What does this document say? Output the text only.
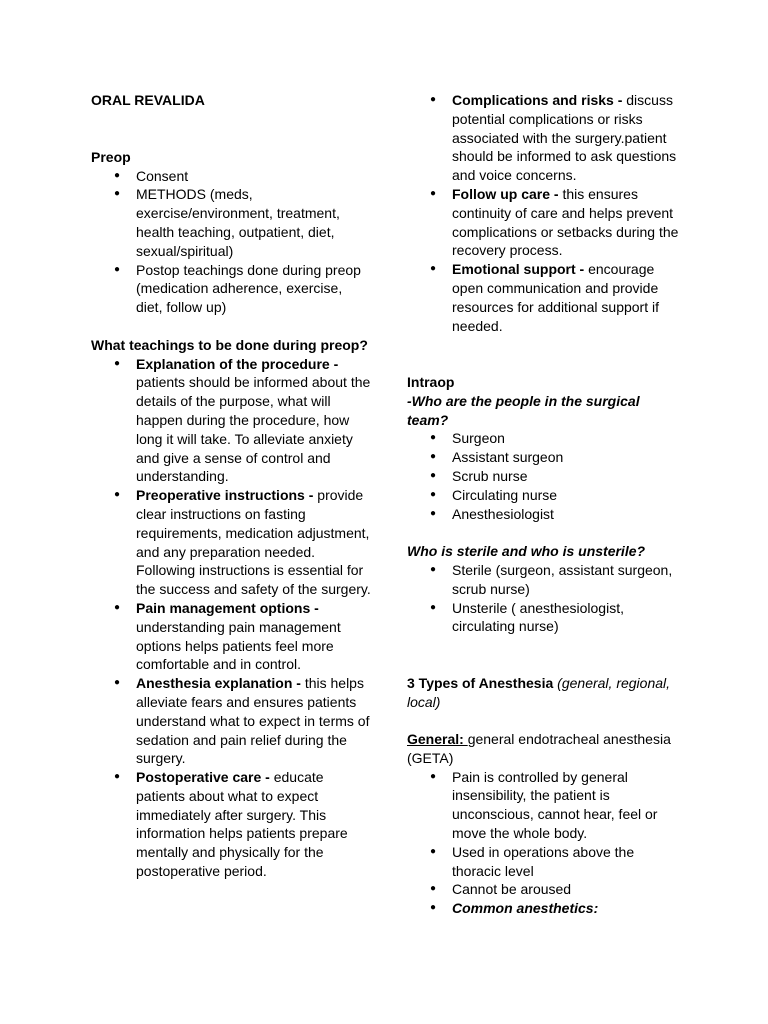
ORAL REVALIDA

Preop

● Consent
● METHODS (meds, exercise/environment, treatment, health teaching, outpatient, diet, sexual/spiritual)
● Postop teachings done during preop (medication adherence, exercise, diet, follow up)

What teachings to be done during preop?

● Explanation of the procedure - patients should be informed about the details of the purpose, what will happen during the procedure, how long it will take. To alleviate anxiety and give a sense of control and understanding.
● Preoperative instructions - provide clear instructions on fasting requirements, medication adjustment, and any preparation needed. Following instructions is essential for the success and safety of the surgery.
● Pain management options - understanding pain management options helps patients feel more comfortable and in control.
● Anesthesia explanation - this helps alleviate fears and ensures patients understand what to expect in terms of sedation and pain relief during the surgery.
● Postoperative care - educate patients about what to expect immediately after surgery. This information helps patients prepare mentally and physically for the postoperative period.
● Complications and risks - discuss potential complications or risks associated with the surgery.patient should be informed to ask questions and voice concerns.
● Follow up care - this ensures continuity of care and helps prevent complications or setbacks during the recovery process.
● Emotional support - encourage open communication and provide resources for additional support if needed.

Intraop

-Who are the people in the surgical team?

● Surgeon
● Assistant surgeon
● Scrub nurse
● Circulating nurse
● Anesthesiologist

Who is sterile and who is unsterile?

● Sterile (surgeon, assistant surgeon, scrub nurse)
● Unsterile ( anesthesiologist, circulating nurse)

3 Types of Anesthesia (general, regional, local)

General: general endotracheal anesthesia (GETA)

● Pain is controlled by general insensibility, the patient is unconscious, cannot hear, feel or move the whole body.
● Used in operations above the thoracic level
● Cannot be aroused
● Common anesthetics:
